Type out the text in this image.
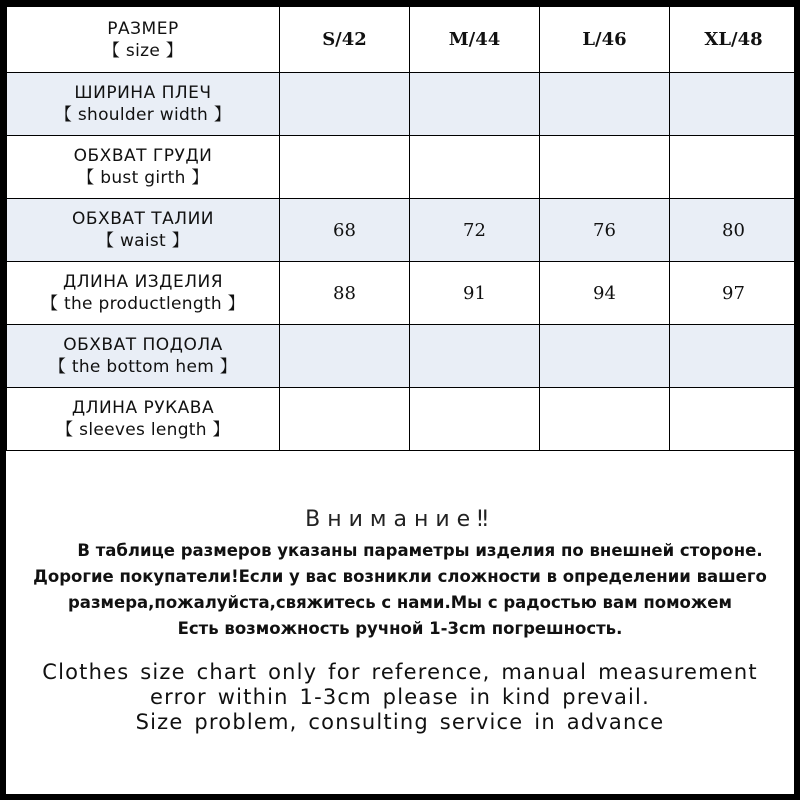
РАЗМЕР
【 size 】	S/42	M/44	L/46	XL/48

ШИРИНА ПЛЕЧ
【 shoulder width 】				

ОБХВАТ ГРУДИ
【 bust girth 】				

ОБХВАТ ТАЛИИ
【 waist 】	68	72	76	80

ДЛИНА ИЗДЕЛИЯ
【 the productlength 】	88	91	94	97

ОБХВАТ ПОДОЛА
【 the bottom hem 】				

ДЛИНА РУКАВА
【 sleeves length 】				

Внимание‼
В таблице размеров указаны параметры изделия по внешней стороне.
Дорогие покупатели!Если у вас возникли сложности в определении вашего
размера,пожалуйста,свяжитесь с нами.Мы с радостью вам поможем
Есть возможность ручной 1-3cm погрешность.
Clothes size chart only for reference, manual measurement
error within 1-3cm please in kind prevail.
Size problem, consulting service in advance
